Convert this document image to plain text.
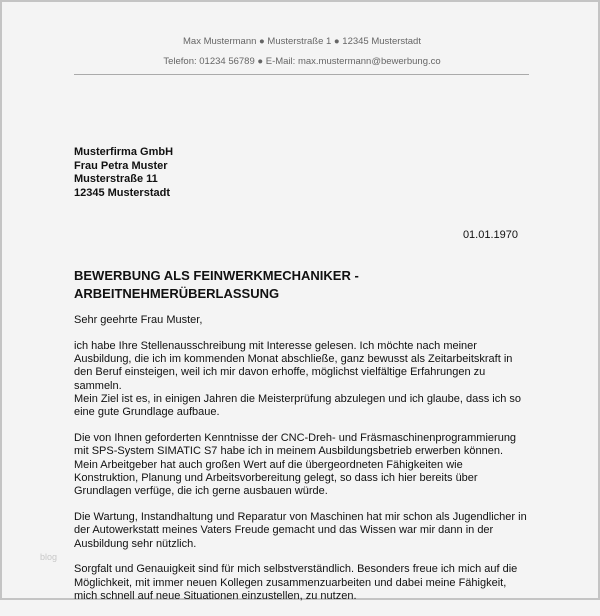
Max Mustermann ● Musterstraße 1 ● 12345 Musterstadt
Telefon: 01234 56789 ● E-Mail: max.mustermann@bewerbung.co
Musterfirma GmbH
Frau Petra Muster
Musterstraße 11
12345 Musterstadt
01.01.1970
BEWERBUNG ALS FEINWERKMECHANIKER -
ARBEITNEHMERÜBERLASSUNG
Sehr geehrte Frau Muster,
ich habe Ihre Stellenausschreibung mit Interesse gelesen. Ich möchte nach meiner
Ausbildung, die ich im kommenden Monat abschließe, ganz bewusst als Zeitarbeitskraft in
den Beruf einsteigen, weil ich mir davon erhoffe, möglichst vielfältige Erfahrungen zu
sammeln.
Mein Ziel ist es, in einigen Jahren die Meisterprüfung abzulegen und ich glaube, dass ich so
eine gute Grundlage aufbaue.
Die von Ihnen geforderten Kenntnisse der CNC-Dreh- und Fräsmaschinenprogrammierung
mit SPS-System SIMATIC S7 habe ich in meinem Ausbildungsbetrieb erwerben können.
Mein Arbeitgeber hat auch großen Wert auf die übergeordneten Fähigkeiten wie
Konstruktion, Planung und Arbeitsvorbereitung gelegt, so dass ich hier bereits über
Grundlagen verfüge, die ich gerne ausbauen würde.
Die Wartung, Instandhaltung und Reparatur von Maschinen hat mir schon als Jugendlicher in
der Autowerkstatt meines Vaters Freude gemacht und das Wissen war mir dann in der
Ausbildung sehr nützlich.
Sorgfalt und Genauigkeit sind für mich selbstverständlich. Besonders freue ich mich auf die
Möglichkeit, mit immer neuen Kollegen zusammenzuarbeiten und dabei meine Fähigkeit,
mich schnell auf neue Situationen einzustellen, zu nutzen.
blog
